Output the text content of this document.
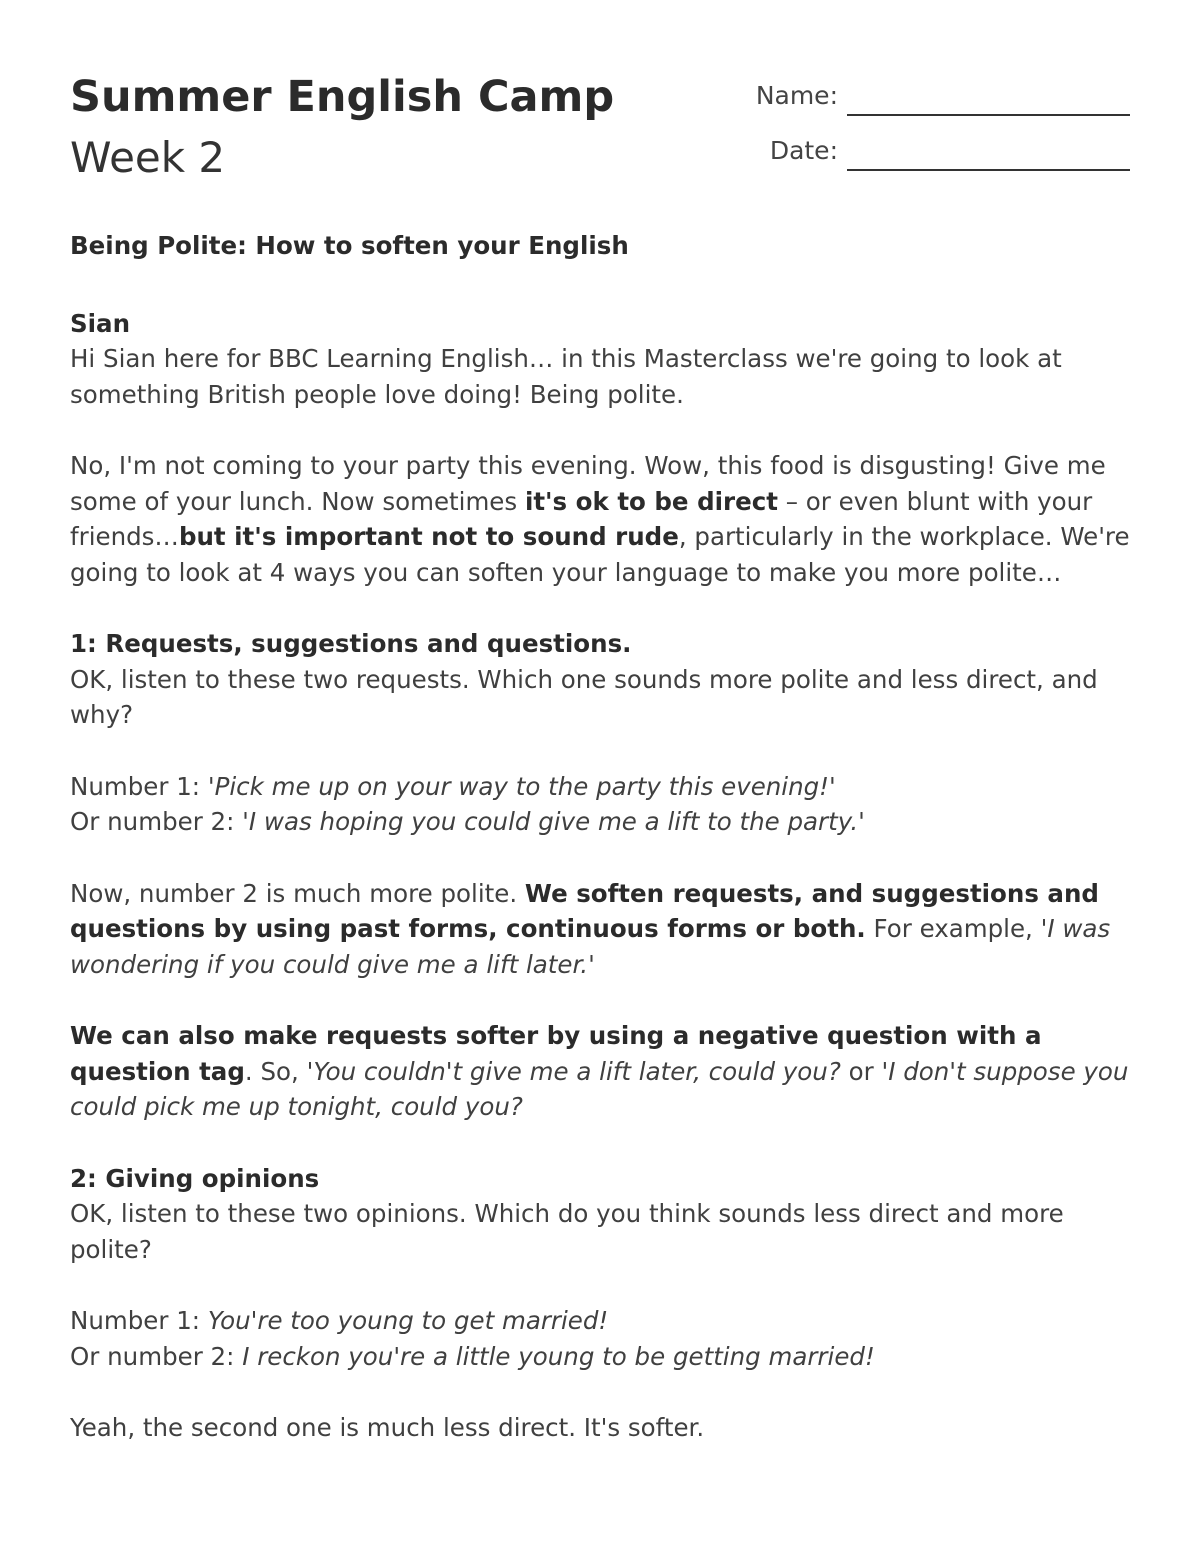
Summer English Camp
Week 2
Name:
Date:

Being Polite: How to soften your English

Sian
Hi Sian here for BBC Learning English… in this Masterclass we're going to look at something British people love doing! Being polite.

No, I'm not coming to your party this evening. Wow, this food is disgusting! Give me some of your lunch. Now sometimes it's ok to be direct – or even blunt with your friends…but it's important not to sound rude, particularly in the workplace. We're going to look at 4 ways you can soften your language to make you more polite…

1: Requests, suggestions and questions.
OK, listen to these two requests. Which one sounds more polite and less direct, and why?

Number 1: 'Pick me up on your way to the party this evening!'
Or number 2: 'I was hoping you could give me a lift to the party.'

Now, number 2 is much more polite. We soften requests, and suggestions and questions by using past forms, continuous forms or both. For example, 'I was wondering if you could give me a lift later.'

We can also make requests softer by using a negative question with a question tag. So, 'You couldn't give me a lift later, could you? or 'I don't suppose you could pick me up tonight, could you?

2: Giving opinions
OK, listen to these two opinions. Which do you think sounds less direct and more polite?

Number 1: You're too young to get married!
Or number 2: I reckon you're a little young to be getting married!

Yeah, the second one is much less direct. It's softer.
